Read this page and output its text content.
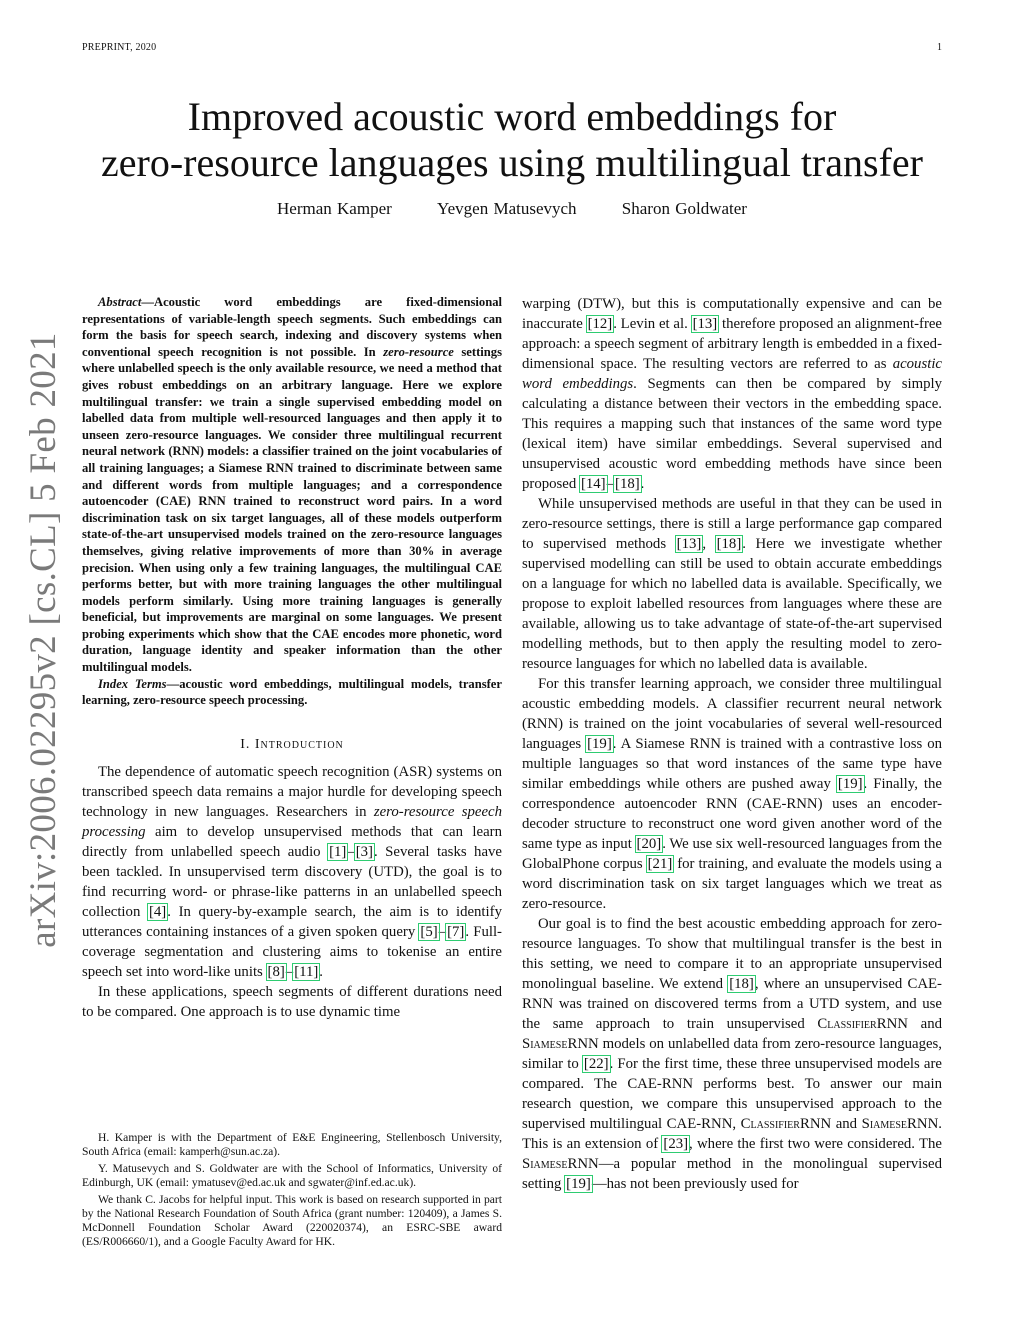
PREPRINT, 2020	1
arXiv:2006.02295v2 [cs.CL] 5 Feb 2021
Improved acoustic word embeddings for
zero-resource languages using multilingual transfer
Herman Kamper	Yevgen Matusevych	Sharon Goldwater

Abstract—Acoustic word embeddings are fixed-dimensional representations of variable-length speech segments. Such embeddings can form the basis for speech search, indexing and discovery systems when conventional speech recognition is not possible. In zero-resource settings where unlabelled speech is the only available resource, we need a method that gives robust embeddings on an arbitrary language. Here we explore multilingual transfer: we train a single supervised embedding model on labelled data from multiple well-resourced languages and then apply it to unseen zero-resource languages. We consider three multilingual recurrent neural network (RNN) models: a classifier trained on the joint vocabularies of all training languages; a Siamese RNN trained to discriminate between same and different words from multiple languages; and a correspondence autoencoder (CAE) RNN trained to reconstruct word pairs. In a word discrimination task on six target languages, all of these models outperform state-of-the-art unsupervised models trained on the zero-resource languages themselves, giving relative improvements of more than 30% in average precision. When using only a few training languages, the multilingual CAE performs better, but with more training languages the other multilingual models perform similarly. Using more training languages is generally beneficial, but improvements are marginal on some languages. We present probing experiments which show that the CAE encodes more phonetic, word duration, language identity and speaker information than the other multilingual models.

Index Terms—acoustic word embeddings, multilingual models, transfer learning, zero-resource speech processing.

I. Introduction

The dependence of automatic speech recognition (ASR) systems on transcribed speech data remains a major hurdle for developing speech technology in new languages. Researchers in zero-resource speech processing aim to develop unsupervised methods that can learn directly from unlabelled speech audio [1]–[3]. Several tasks have been tackled. In unsupervised term discovery (UTD), the goal is to find recurring word- or phrase-like patterns in an unlabelled speech collection [4]. In query-by-example search, the aim is to identify utterances containing instances of a given spoken query [5]–[7]. Full-coverage segmentation and clustering aims to tokenise an entire speech set into word-like units [8]–[11].

In these applications, speech segments of different durations need to be compared. One approach is to use dynamic time

H. Kamper is with the Department of E&E Engineering, Stellenbosch University, South Africa (email: kamperh@sun.ac.za).

Y. Matusevych and S. Goldwater are with the School of Informatics, University of Edinburgh, UK (email: ymatusev@ed.ac.uk and sgwater@inf.ed.ac.uk).

We thank C. Jacobs for helpful input. This work is based on research supported in part by the National Research Foundation of South Africa (grant number: 120409), a James S. McDonnell Foundation Scholar Award (220020374), an ESRC-SBE award (ES/R006660/1), and a Google Faculty Award for HK.

warping (DTW), but this is computationally expensive and can be inaccurate [12]. Levin et al. [13] therefore proposed an alignment-free approach: a speech segment of arbitrary length is embedded in a fixed-dimensional space. The resulting vectors are referred to as acoustic word embeddings. Segments can then be compared by simply calculating a distance between their vectors in the embedding space. This requires a mapping such that instances of the same word type (lexical item) have similar embeddings. Several supervised and unsupervised acoustic word embedding methods have since been proposed [14]–[18].

While unsupervised methods are useful in that they can be used in zero-resource settings, there is still a large performance gap compared to supervised methods [13], [18]. Here we investigate whether supervised modelling can still be used to obtain accurate embeddings on a language for which no labelled data is available. Specifically, we propose to exploit labelled resources from languages where these are available, allowing us to take advantage of state-of-the-art supervised modelling methods, but to then apply the resulting model to zero-resource languages for which no labelled data is available.

For this transfer learning approach, we consider three multilingual acoustic embedding models. A classifier recurrent neural network (RNN) is trained on the joint vocabularies of several well-resourced languages [19]. A Siamese RNN is trained with a contrastive loss on multiple languages so that word instances of the same type have similar embeddings while others are pushed away [19]. Finally, the correspondence autoencoder RNN (CAE-RNN) uses an encoder-decoder structure to reconstruct one word given another word of the same type as input [20]. We use six well-resourced languages from the GlobalPhone corpus [21] for training, and evaluate the models using a word discrimination task on six target languages which we treat as zero-resource.

Our goal is to find the best acoustic embedding approach for zero-resource languages. To show that multilingual transfer is the best in this setting, we need to compare it to an appropriate unsupervised monolingual baseline. We extend [18], where an unsupervised CAE-RNN was trained on discovered terms from a UTD system, and use the same approach to train unsupervised ClassifierRNN and SiameseRNN models on unlabelled data from zero-resource languages, similar to [22]. For the first time, these three unsupervised models are compared. The CAE-RNN performs best. To answer our main research question, we compare this unsupervised approach to the supervised multilingual CAE-RNN, ClassifierRNN and SiameseRNN. This is an extension of [23], where the first two were considered. The SiameseRNN—a popular method in the monolingual supervised setting [19]—has not been previously used for
